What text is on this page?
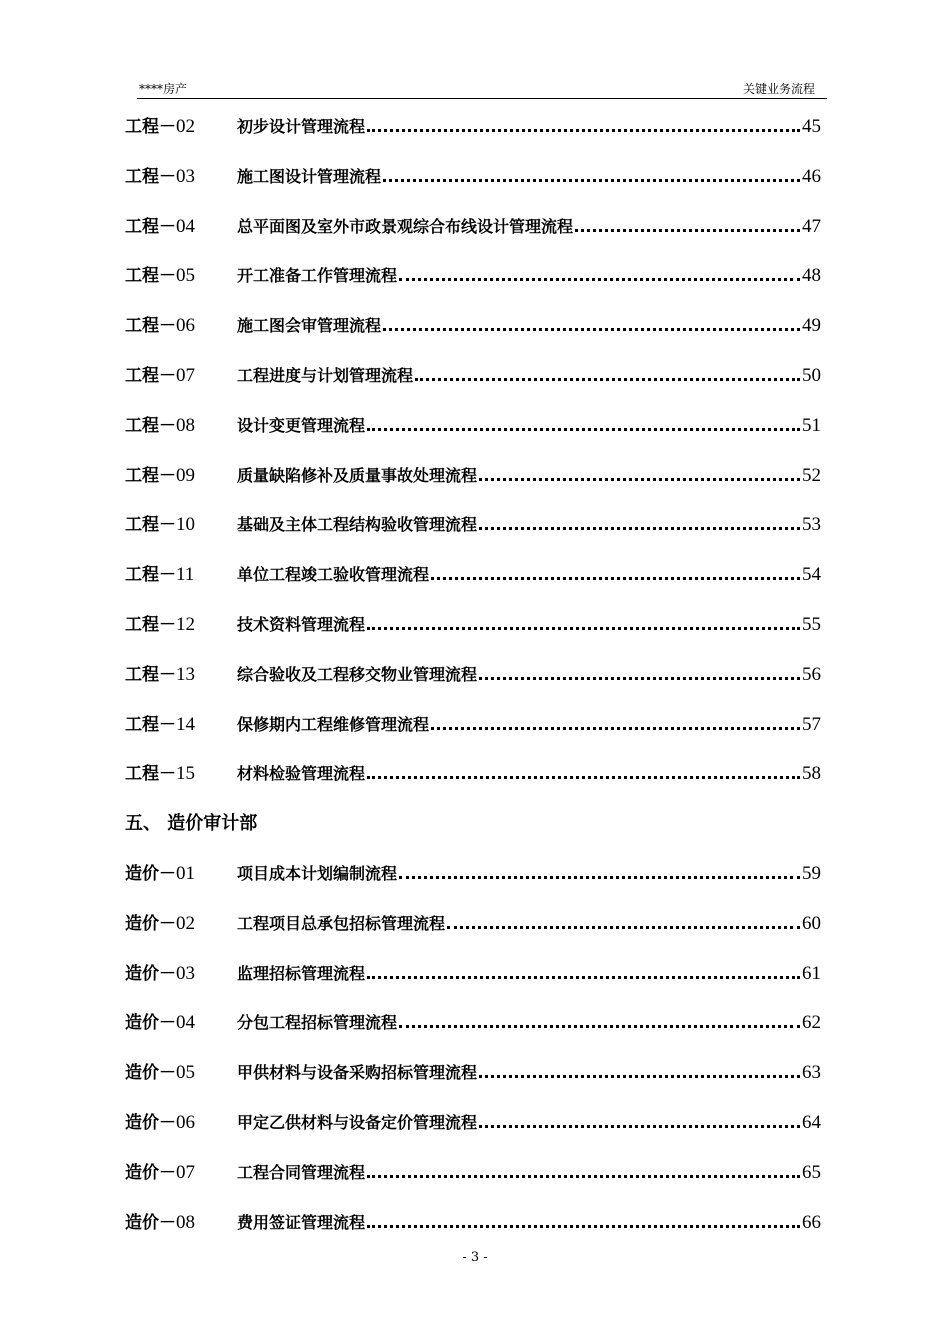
****房产	关键业务流程
工程－02	初步设计管理流程	45
工程－03	施工图设计管理流程	46
工程－04	总平面图及室外市政景观综合布线设计管理流程	47
工程－05	开工准备工作管理流程	48
工程－06	施工图会审管理流程	49
工程－07	工程进度与计划管理流程	50
工程－08	设计变更管理流程	51
工程－09	质量缺陷修补及质量事故处理流程	52
工程－10	基础及主体工程结构验收管理流程	53
工程－11	单位工程竣工验收管理流程	54
工程－12	技术资料管理流程	55
工程－13	综合验收及工程移交物业管理流程	56
工程－14	保修期内工程维修管理流程	57
工程－15	材料检验管理流程	58
五、 造价审计部
造价－01	项目成本计划编制流程	59
造价－02	工程项目总承包招标管理流程	60
造价－03	监理招标管理流程	61
造价－04	分包工程招标管理流程	62
造价－05	甲供材料与设备采购招标管理流程	63
造价－06	甲定乙供材料与设备定价管理流程	64
造价－07	工程合同管理流程	65
造价－08	费用签证管理流程	66
- 3 -
